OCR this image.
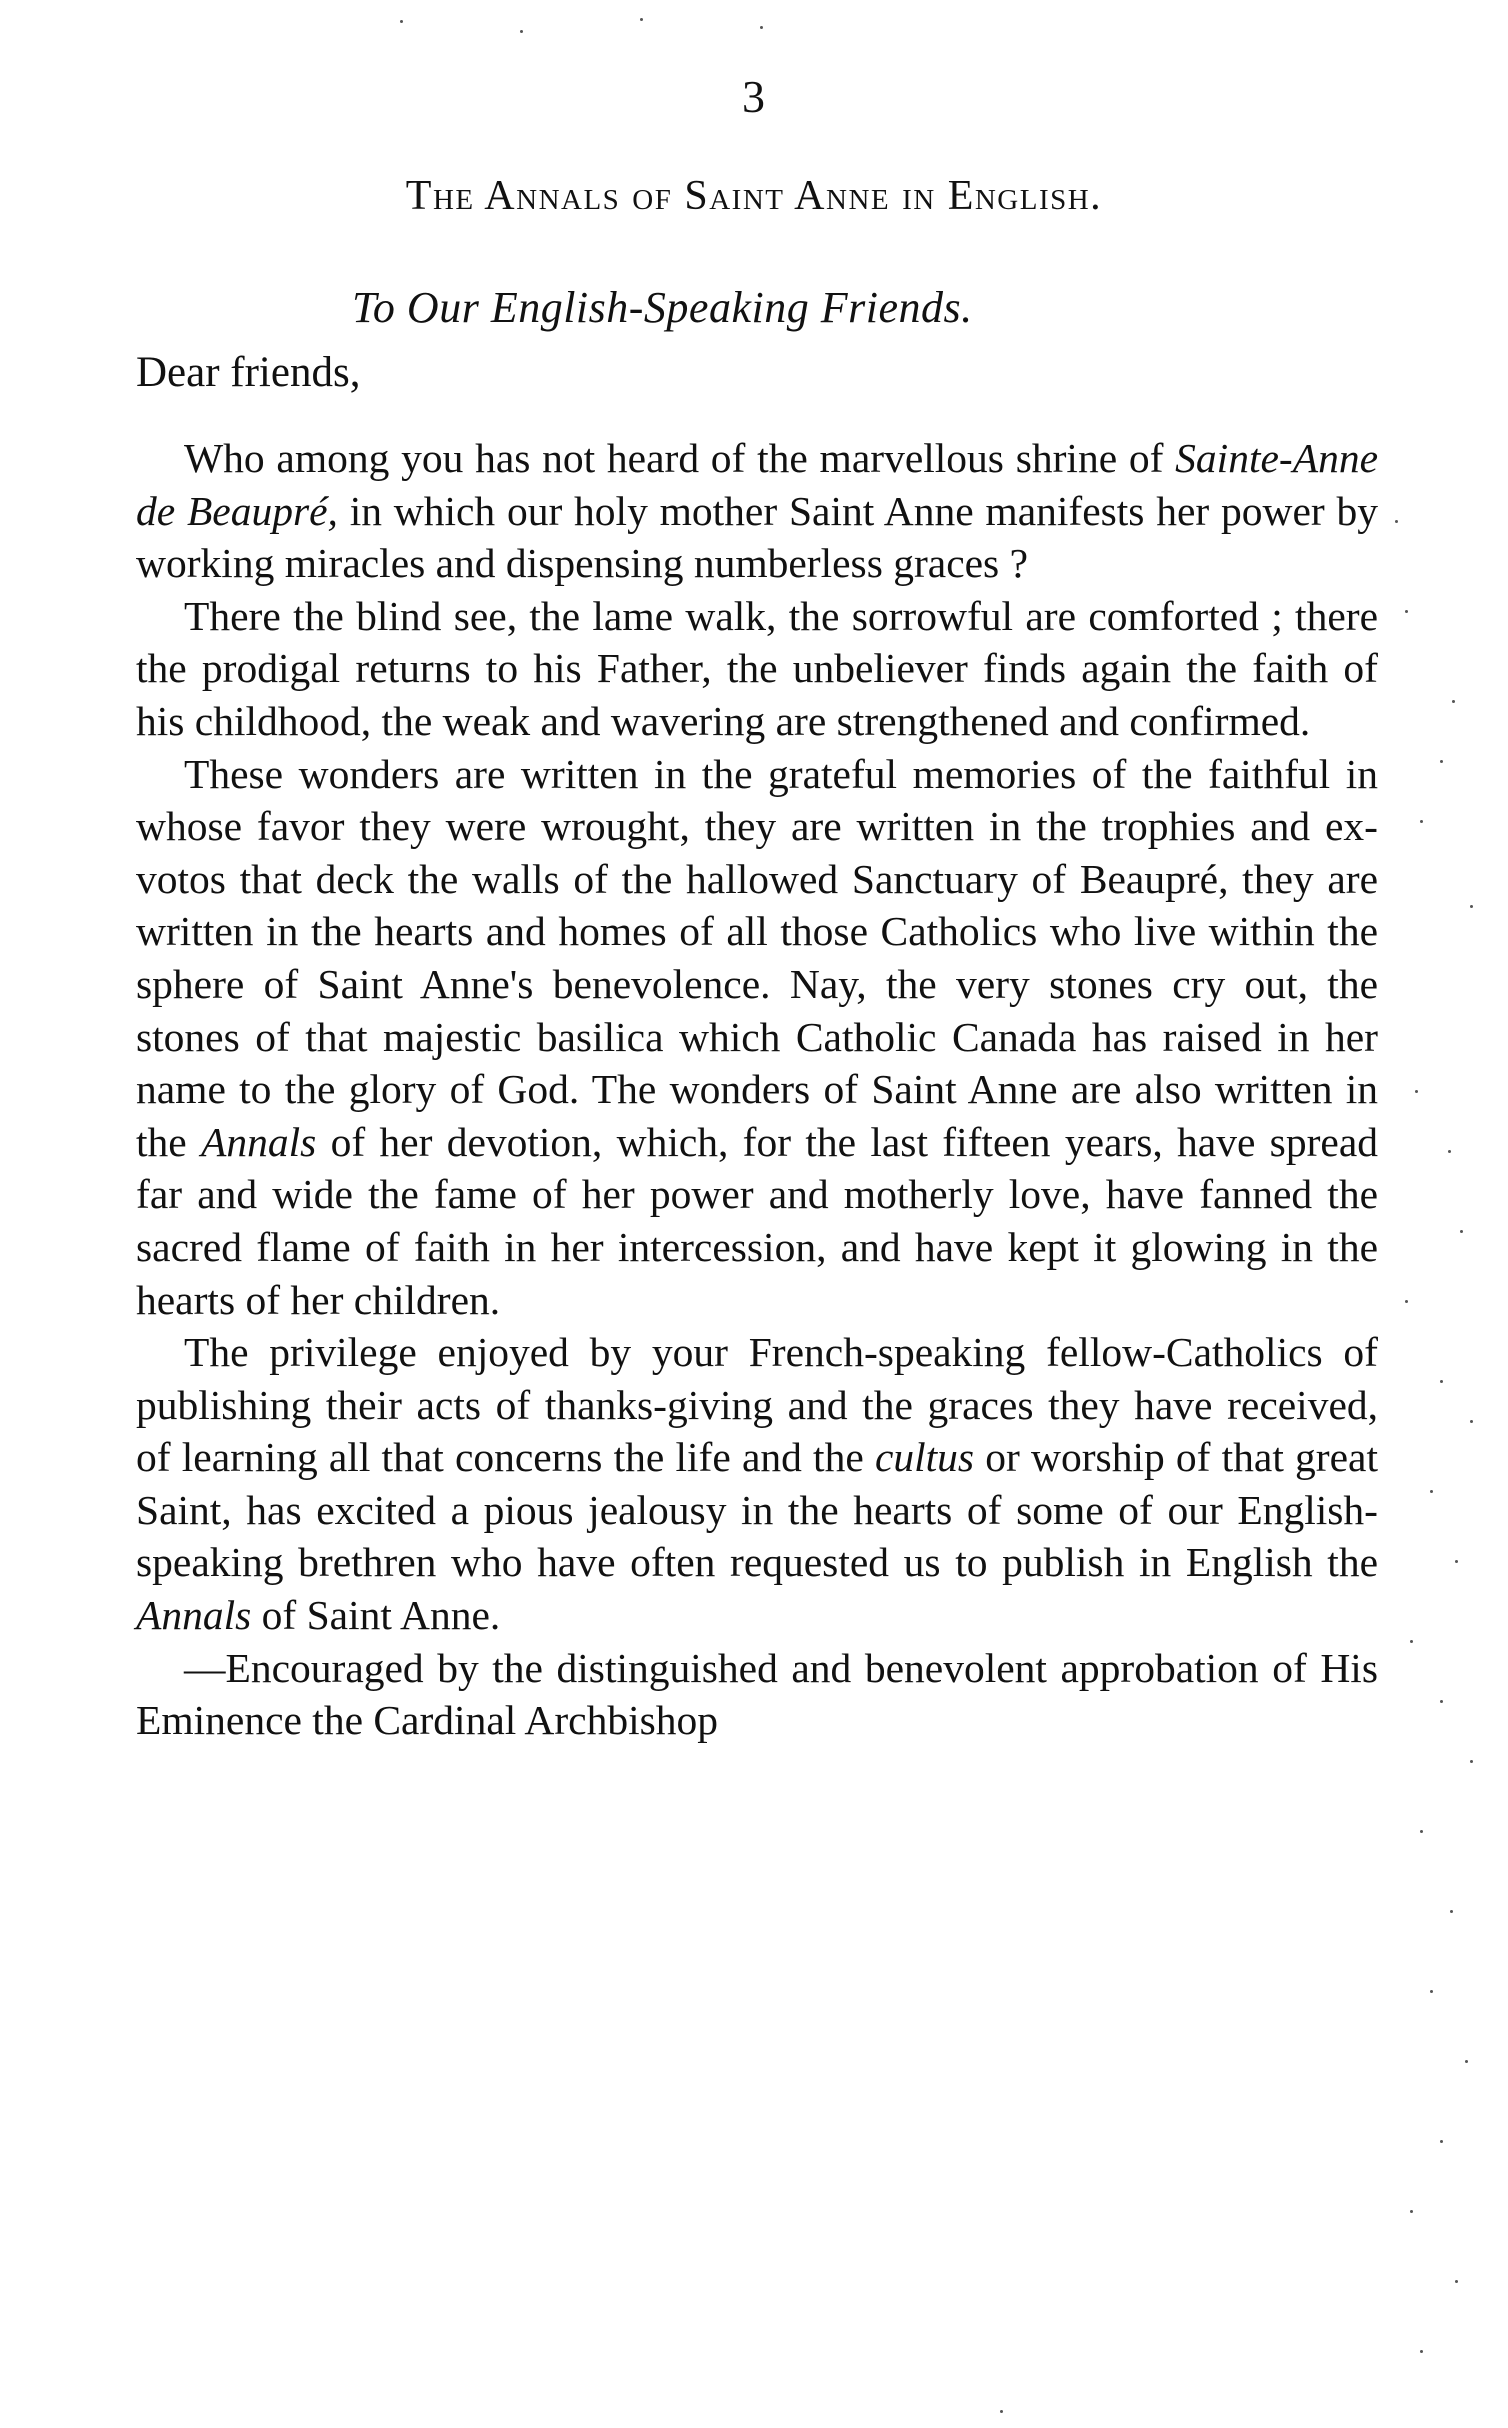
3
The Annals of Saint Anne in English.
To Our English-Speaking Friends.
Dear friends,

Who among you has not heard of the marvellous shrine of Sainte-Anne de Beaupré, in which our holy mother Saint Anne manifests her power by working miracles and dispensing numberless graces ?

There the blind see, the lame walk, the sorrowful are comforted ; there the prodigal returns to his Father, the unbeliever finds again the faith of his childhood, the weak and wavering are strengthened and confirmed.

These wonders are written in the grateful memories of the faithful in whose favor they were wrought, they are written in the trophies and ex-votos that deck the walls of the hallowed Sanctuary of Beaupré, they are written in the hearts and homes of all those Catholics who live within the sphere of Saint Anne's benevolence. Nay, the very stones cry out, the stones of that majestic basilica which Catholic Canada has raised in her name to the glory of God. The wonders of Saint Anne are also written in the Annals of her devotion, which, for the last fifteen years, have spread far and wide the fame of her power and motherly love, have fanned the sacred flame of faith in her intercession, and have kept it glowing in the hearts of her children.

The privilege enjoyed by your French-speaking fellow-Catholics of publishing their acts of thanks-giving and the graces they have received, of learning all that concerns the life and the cultus or worship of that great Saint, has excited a pious jealousy in the hearts of some of our English-speaking brethren who have often requested us to publish in English the Annals of Saint Anne.

—Encouraged by the distinguished and benevolent approbation of His Eminence the Cardinal Archbishop
